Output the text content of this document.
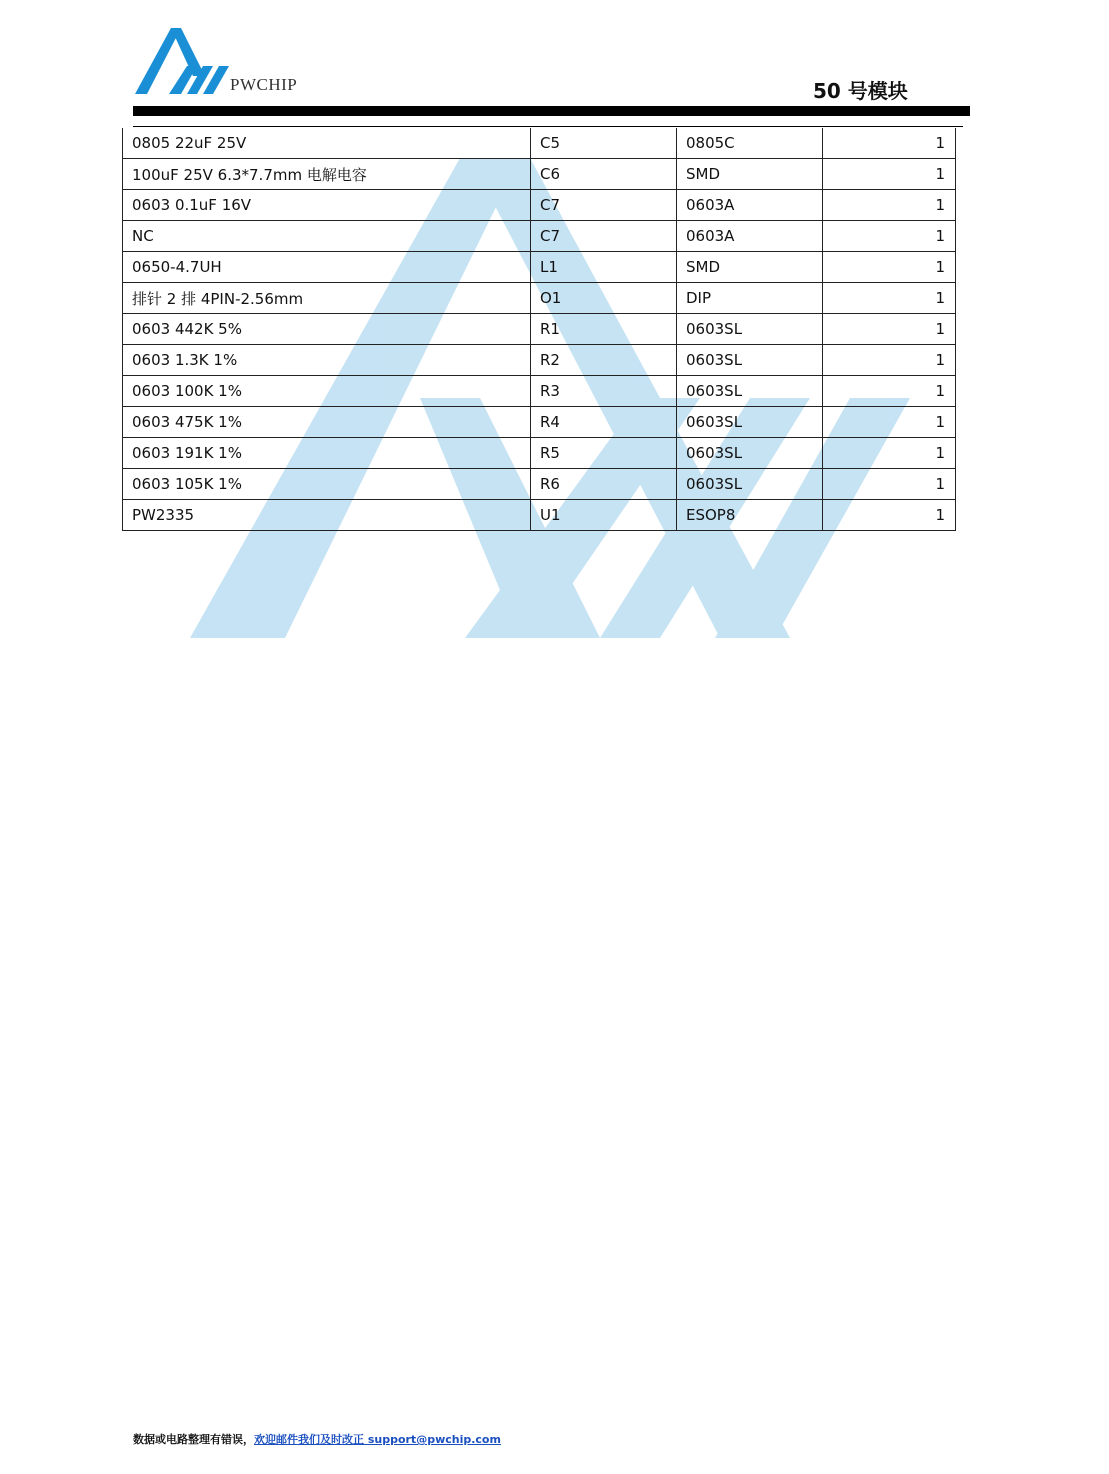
PWCHIP	50 号模块
0805 22uF 25V	C5	0805C	1
100uF 25V 6.3*7.7mm 电解电容	C6	SMD	1
0603 0.1uF 16V	C7	0603A	1
NC	C7	0603A	1
0650-4.7UH	L1	SMD	1
排针 2 排 4PIN-2.56mm	O1	DIP	1
0603 442K 5%	R1	0603SL	1
0603 1.3K 1%	R2	0603SL	1
0603 100K 1%	R3	0603SL	1
0603 475K 1%	R4	0603SL	1
0603 191K 1%	R5	0603SL	1
0603 105K 1%	R6	0603SL	1
PW2335	U1	ESOP8	1
数据或电路整理有错误，欢迎邮件我们及时改正 support@pwchip.com
